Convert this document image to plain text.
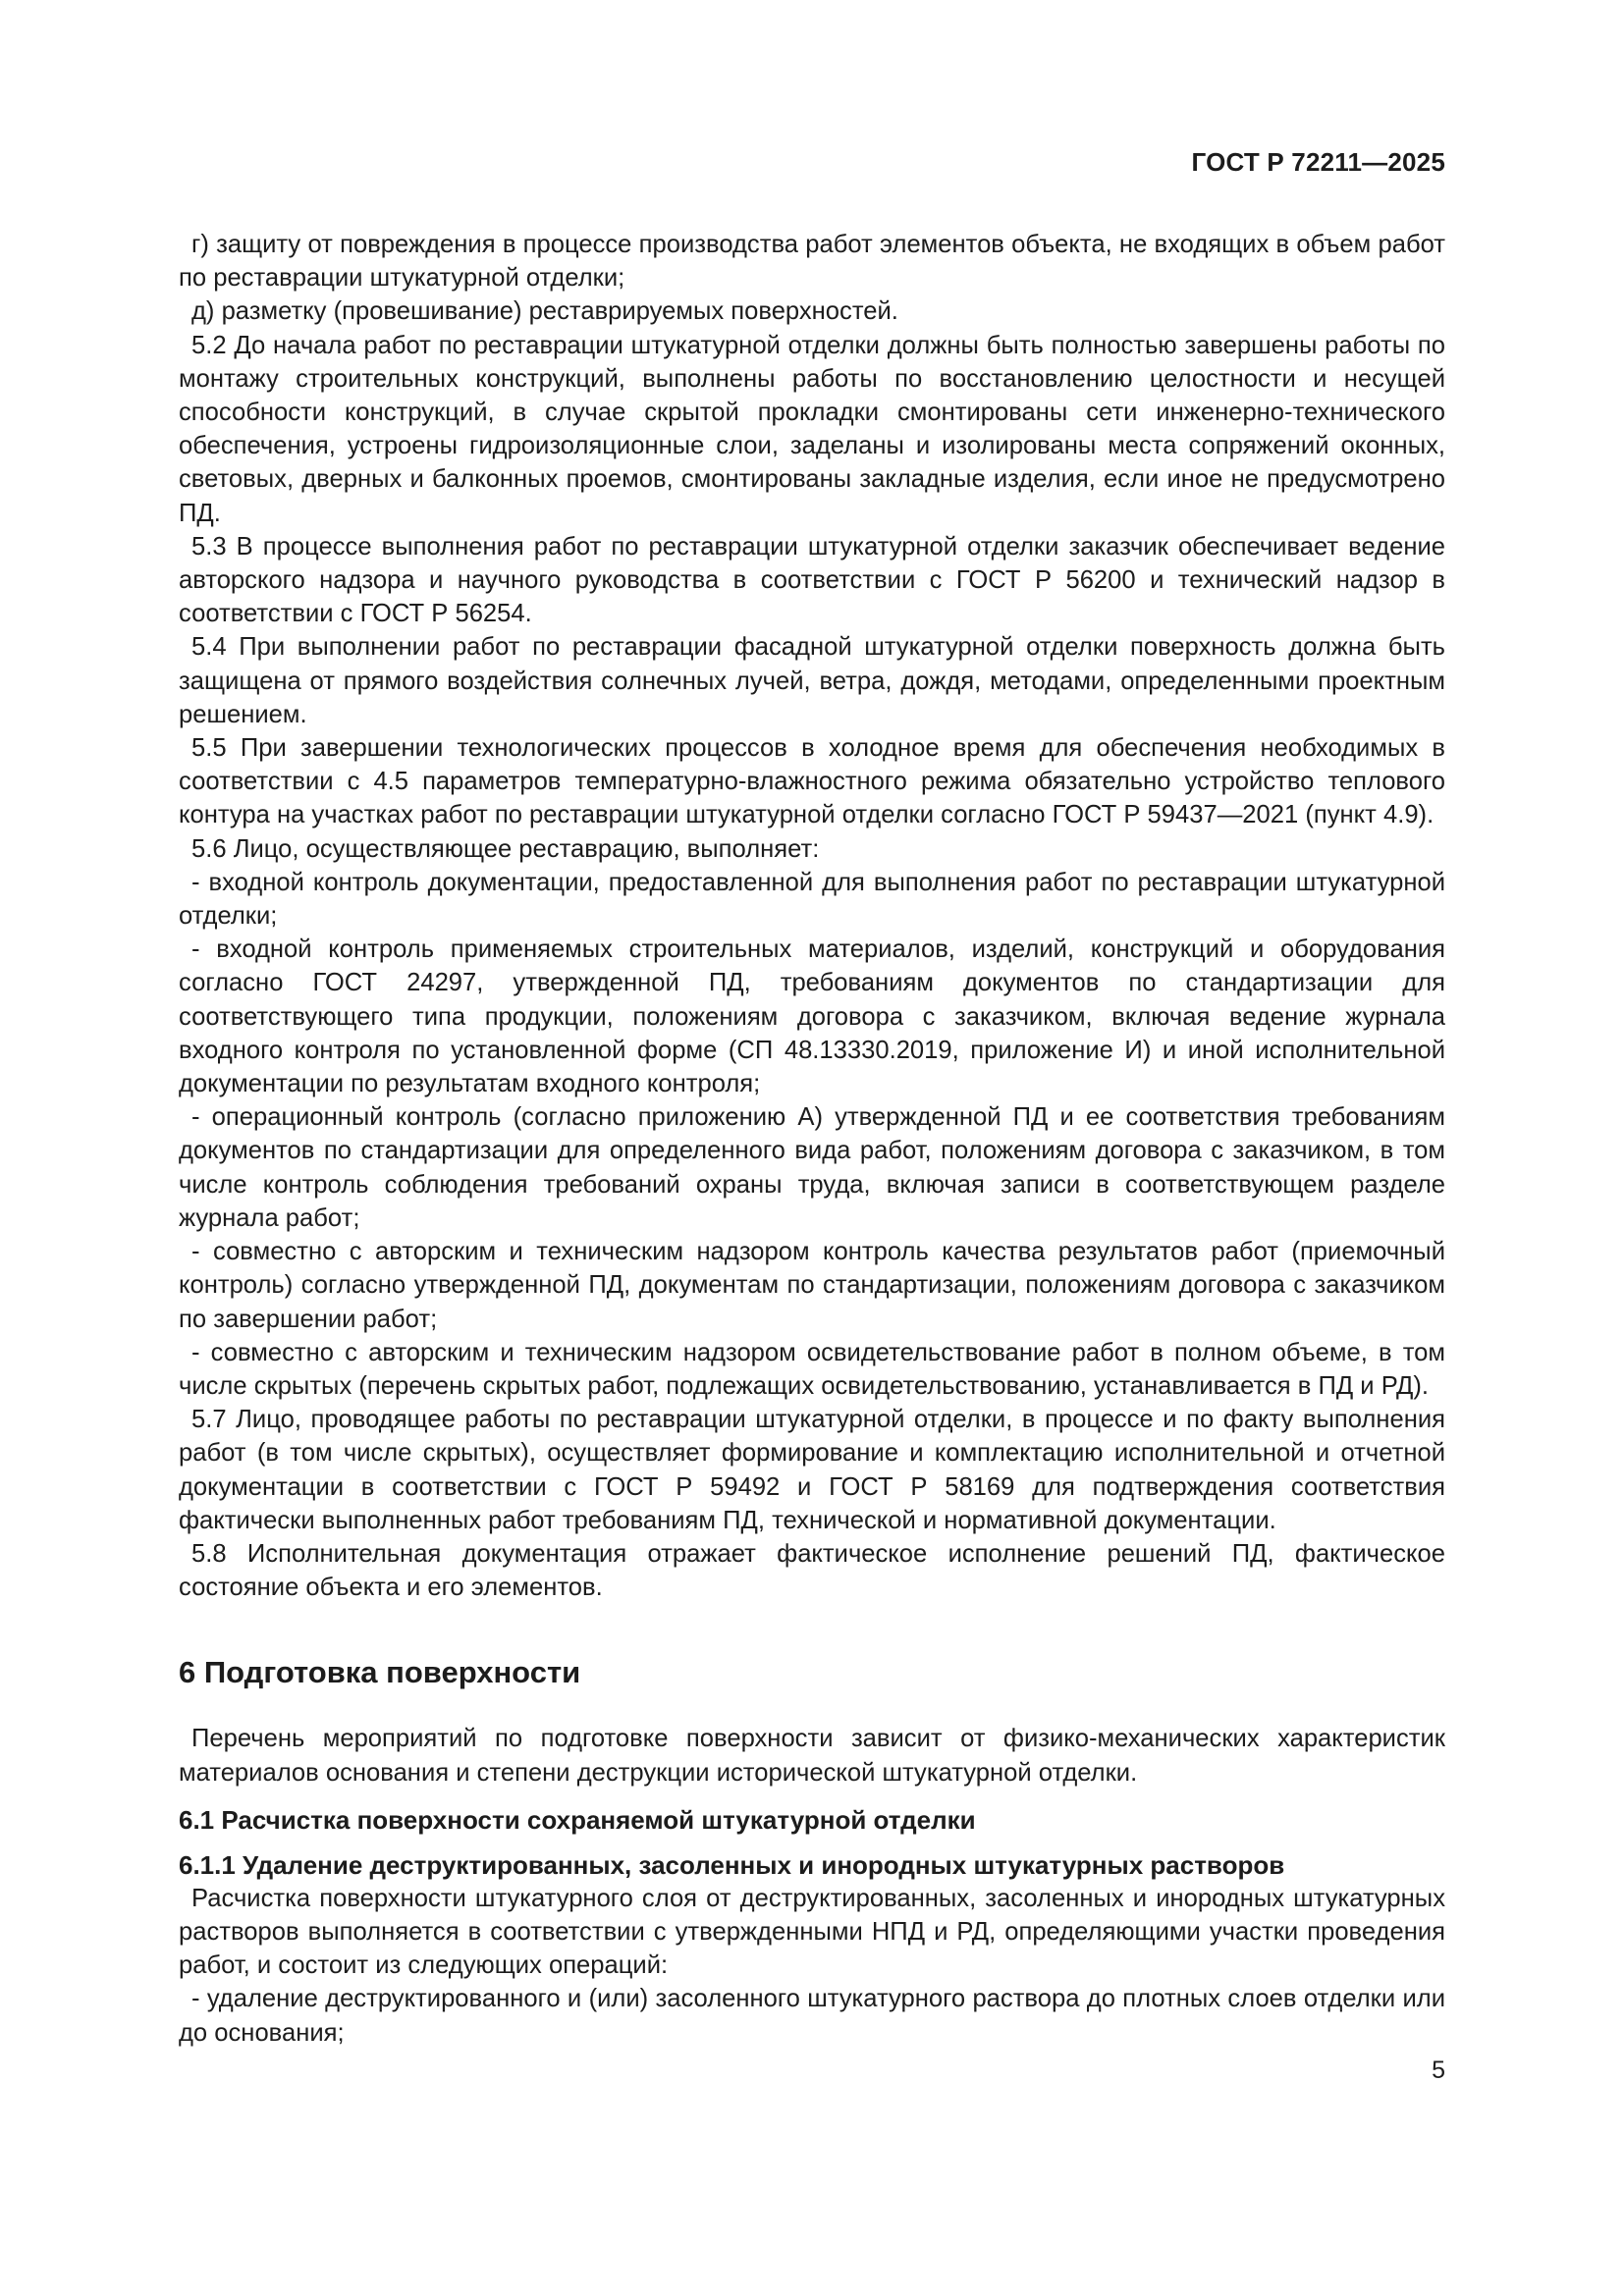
ГОСТ Р 72211—2025

г) защиту от повреждения в процессе производства работ элементов объекта, не входящих в объем работ по реставрации штукатурной отделки;

д) разметку (провешивание) реставрируемых поверхностей.

5.2 До начала работ по реставрации штукатурной отделки должны быть полностью завершены работы по монтажу строительных конструкций, выполнены работы по восстановлению целостности и несущей способности конструкций, в случае скрытой прокладки смонтированы сети инженерно-технического обеспечения, устроены гидроизоляционные слои, заделаны и изолированы места сопряжений оконных, световых, дверных и балконных проемов, смонтированы закладные изделия, если иное не предусмотрено ПД.

5.3 В процессе выполнения работ по реставрации штукатурной отделки заказчик обеспечивает ведение авторского надзора и научного руководства в соответствии с ГОСТ Р 56200 и технический надзор в соответствии с ГОСТ Р 56254.

5.4 При выполнении работ по реставрации фасадной штукатурной отделки поверхность должна быть защищена от прямого воздействия солнечных лучей, ветра, дождя, методами, определенными проектным решением.

5.5 При завершении технологических процессов в холодное время для обеспечения необходимых в соответствии с 4.5 параметров температурно-влажностного режима обязательно устройство теплового контура на участках работ по реставрации штукатурной отделки согласно ГОСТ Р 59437—2021 (пункт 4.9).

5.6 Лицо, осуществляющее реставрацию, выполняет:

- входной контроль документации, предоставленной для выполнения работ по реставрации штукатурной отделки;

- входной контроль применяемых строительных материалов, изделий, конструкций и оборудования согласно ГОСТ 24297, утвержденной ПД, требованиям документов по стандартизации для соответствующего типа продукции, положениям договора с заказчиком, включая ведение журнала входного контроля по установленной форме (СП 48.13330.2019, приложение И) и иной исполнительной документации по результатам входного контроля;

- операционный контроль (согласно приложению А) утвержденной ПД и ее соответствия требованиям документов по стандартизации для определенного вида работ, положениям договора с заказчиком, в том числе контроль соблюдения требований охраны труда, включая записи в соответствующем разделе журнала работ;

- совместно с авторским и техническим надзором контроль качества результатов работ (приемочный контроль) согласно утвержденной ПД, документам по стандартизации, положениям договора с заказчиком по завершении работ;

- совместно с авторским и техническим надзором освидетельствование работ в полном объеме, в том числе скрытых (перечень скрытых работ, подлежащих освидетельствованию, устанавливается в ПД и РД).

5.7 Лицо, проводящее работы по реставрации штукатурной отделки, в процессе и по факту выполнения работ (в том числе скрытых), осуществляет формирование и комплектацию исполнительной и отчетной документации в соответствии с ГОСТ Р 59492 и ГОСТ Р 58169 для подтверждения соответствия фактически выполненных работ требованиям ПД, технической и нормативной документации.

5.8 Исполнительная документация отражает фактическое исполнение решений ПД, фактическое состояние объекта и его элементов.

6 Подготовка поверхности

Перечень мероприятий по подготовке поверхности зависит от физико-механических характеристик материалов основания и степени деструкции исторической штукатурной отделки.

6.1 Расчистка поверхности сохраняемой штукатурной отделки
6.1.1 Удаление деструктированных, засоленных и инородных штукатурных растворов

Расчистка поверхности штукатурного слоя от деструктированных, засоленных и инородных штукатурных растворов выполняется в соответствии с утвержденными НПД и РД, определяющими участки проведения работ, и состоит из следующих операций:

- удаление деструктированного и (или) засоленного штукатурного раствора до плотных слоев отделки или до основания;

5
